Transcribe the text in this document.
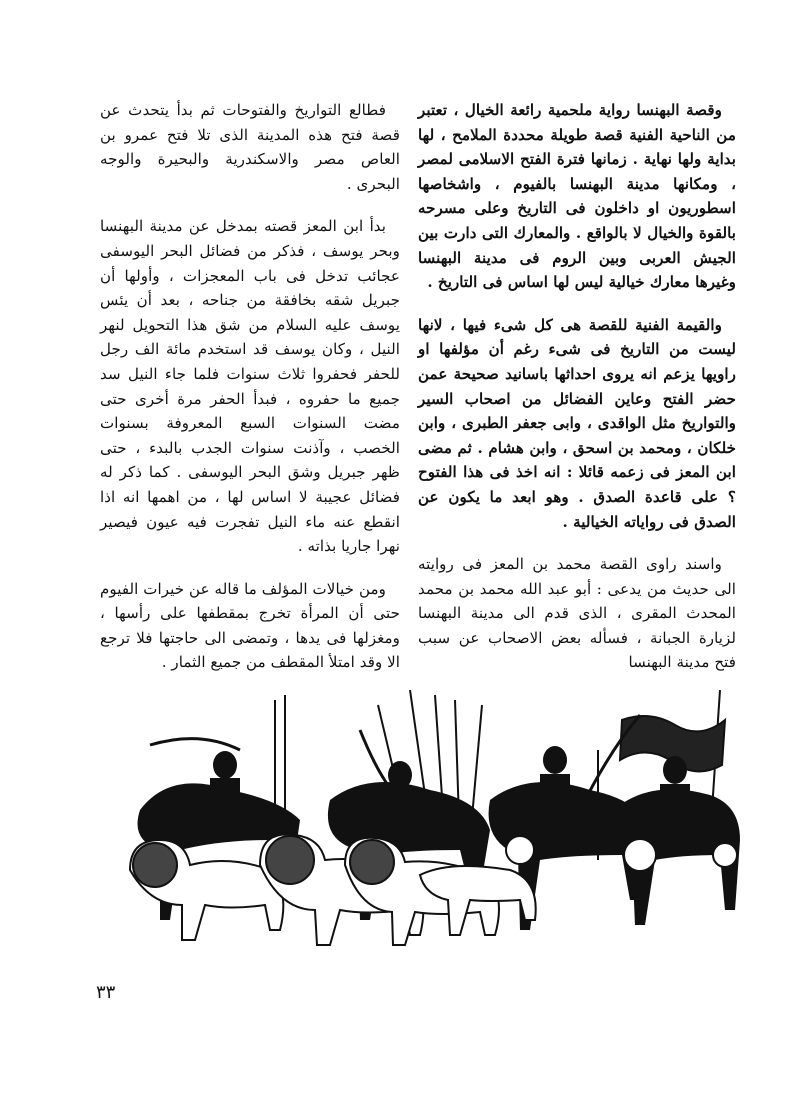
وقصة البهنسا رواية ملحمية رائعة الخيال ، تعتبر من الناحية الفنية قصة طويلة محددة الملامح ، لها بداية ولها نهاية . زمانها فترة الفتح الاسلامى لمصر ، ومكانها مدينة البهنسا بالفيوم ، واشخاصها اسطوريون او داخلون فى التاريخ وعلى مسرحه بالقوة والخيال لا بالواقع . والمعارك التى دارت بين الجيش العربى وبين الروم فى مدينة البهنسا وغيرها معارك خيالية ليس لها اساس فى التاريخ .

والقيمة الفنية للقصة هى كل شىء فيها ، لانها ليست من التاريخ فى شىء رغم أن مؤلفها او راويها يزعم انه يروى احداثها باسانيد صحيحة عمن حضر الفتح وعاين الفضائل من اصحاب السير والتواريخ مثل الواقدى ، وابى جعفر الطبرى ، وابن خلكان ، ومحمد بن اسحق ، وابن هشام . ثم مضى ابن المعز فى زعمه قائلا : انه اخذ فى هذا الفتوح ؟ على قاعدة الصدق . وهو ابعد ما يكون عن الصدق فى رواياته الخيالية .

واسند راوى القصة محمد بن المعز فى روايته الى حديث من يدعى : أبو عبد الله محمد بن محمد المحدث المقرى ، الذى قدم الى مدينة البهنسا لزيارة الجبانة ، فسأله بعض الاصحاب عن سبب فتح مدينة البهنسا

فطالع التواريخ والفتوحات ثم بدأ يتحدث عن قصة فتح هذه المدينة الذى تلا فتح عمرو بن العاص مصر والاسكندرية والبحيرة والوجه البحرى .

بدأ ابن المعز قصته بمدخل عن مدينة البهنسا وبحر يوسف ، فذكر من فضائل البحر اليوسفى عجائب تدخل فى باب المعجزات ، وأولها أن جبريل شقه بخافقة من جناحه ، بعد أن يئس يوسف عليه السلام من شق هذا التحويل لنهر النيل ، وكان يوسف قد استخدم مائة الف رجل للحفر فحفروا ثلاث سنوات فلما جاء النيل سد جميع ما حفروه ، فبدأ الحفر مرة أخرى حتى مضت السنوات السبع المعروفة بسنوات الخصب ، وآذنت سنوات الجدب بالبدء ، حتى ظهر جبريل وشق البحر اليوسفى . كما ذكر له فضائل عجيبة لا اساس لها ، من اهمها انه اذا انقطع عنه ماء النيل تفجرت فيه عيون فيصير نهرا جاريا بذاته .

ومن خيالات المؤلف ما قاله عن خيرات الفيوم حتى أن المرأة تخرج بمقطفها على رأسها ، ومغزلها فى يدها ، وتمضى الى حاجتها فلا ترجع الا وقد امتلأ المقطف من جميع الثمار .

٣٣
